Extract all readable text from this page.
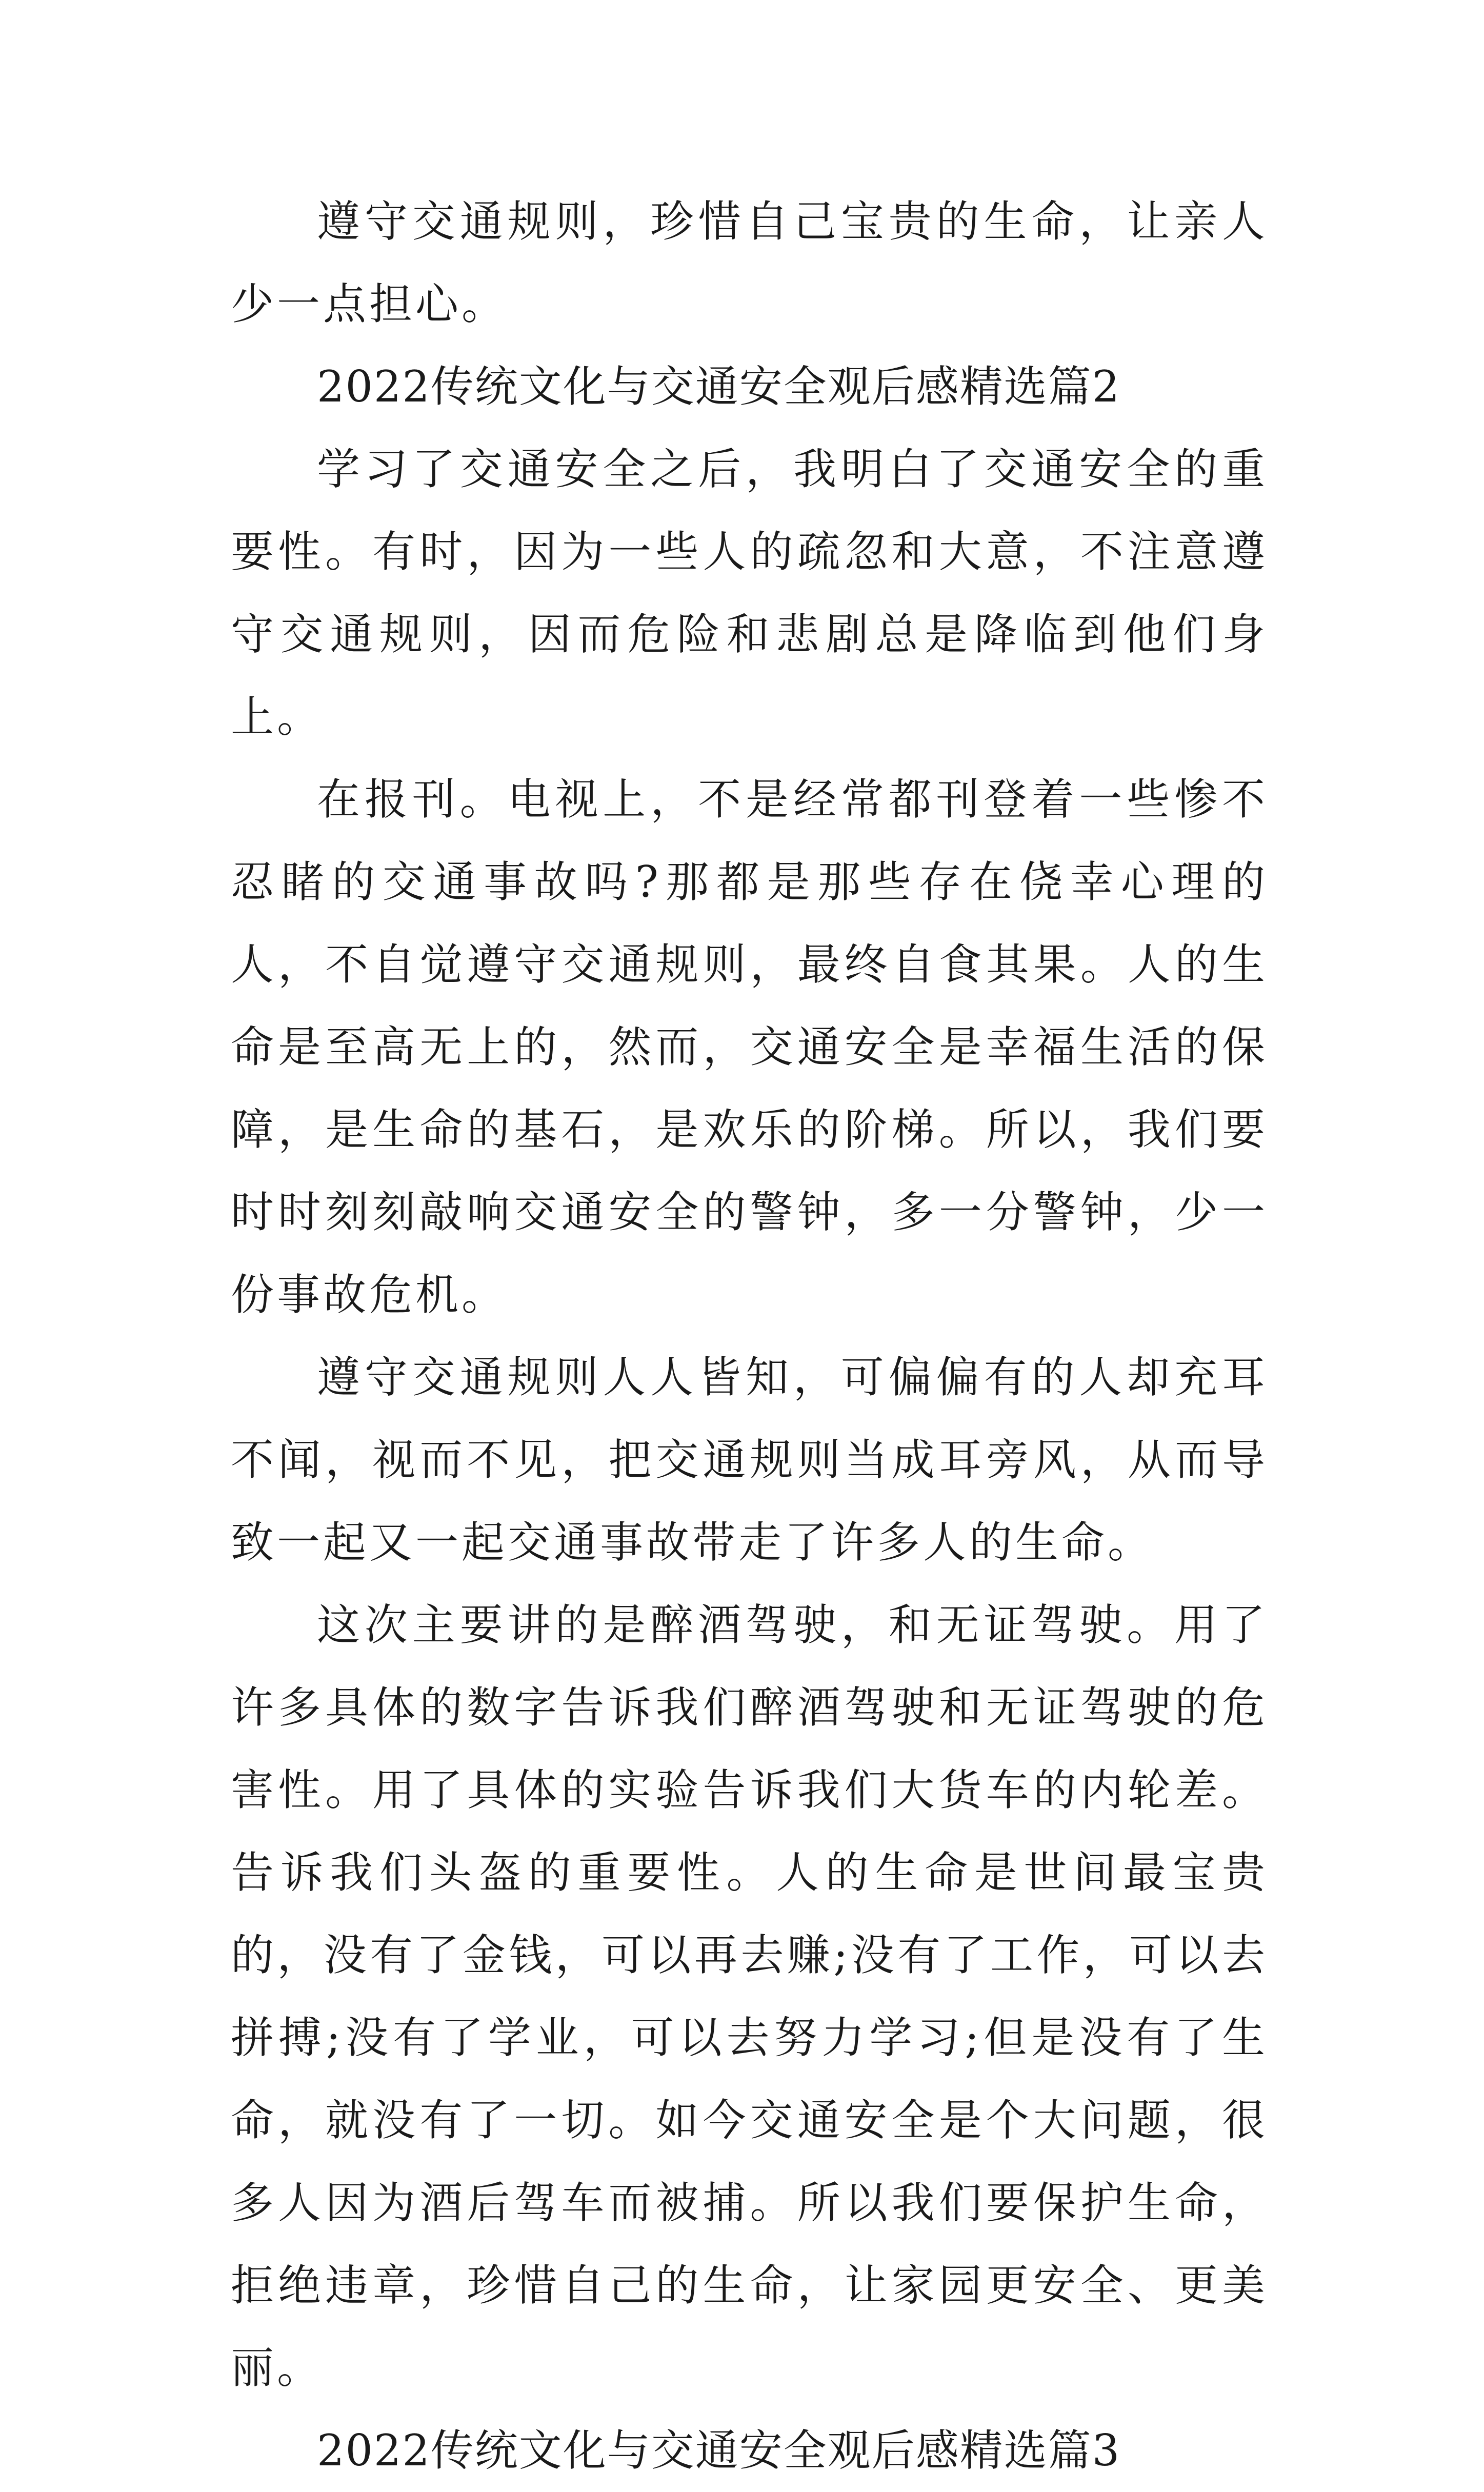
遵守交通规则，珍惜自己宝贵的生命，让亲人少一点担心。

2022传统文化与交通安全观后感精选篇2

学习了交通安全之后，我明白了交通安全的重要性。有时，因为一些人的疏忽和大意，不注意遵守交通规则，因而危险和悲剧总是降临到他们身上。

在报刊。电视上，不是经常都刊登着一些惨不忍睹的交通事故吗?那都是那些存在侥幸心理的人，不自觉遵守交通规则，最终自食其果。人的生命是至高无上的，然而，交通安全是幸福生活的保障，是生命的基石，是欢乐的阶梯。所以，我们要时时刻刻敲响交通安全的警钟，多一分警钟，少一份事故危机。

遵守交通规则人人皆知，可偏偏有的人却充耳不闻，视而不见，把交通规则当成耳旁风，从而导致一起又一起交通事故带走了许多人的生命。

这次主要讲的是醉酒驾驶，和无证驾驶。用了许多具体的数字告诉我们醉酒驾驶和无证驾驶的危害性。用了具体的实验告诉我们大货车的内轮差。告诉我们头盔的重要性。人的生命是世间最宝贵的，没有了金钱，可以再去赚;没有了工作，可以去拼搏;没有了学业，可以去努力学习;但是没有了生命，就没有了一切。如今交通安全是个大问题，很多人因为酒后驾车而被捕。所以我们要保护生命，拒绝违章，珍惜自己的生命，让家园更安全、更美丽。

2022传统文化与交通安全观后感精选篇3
